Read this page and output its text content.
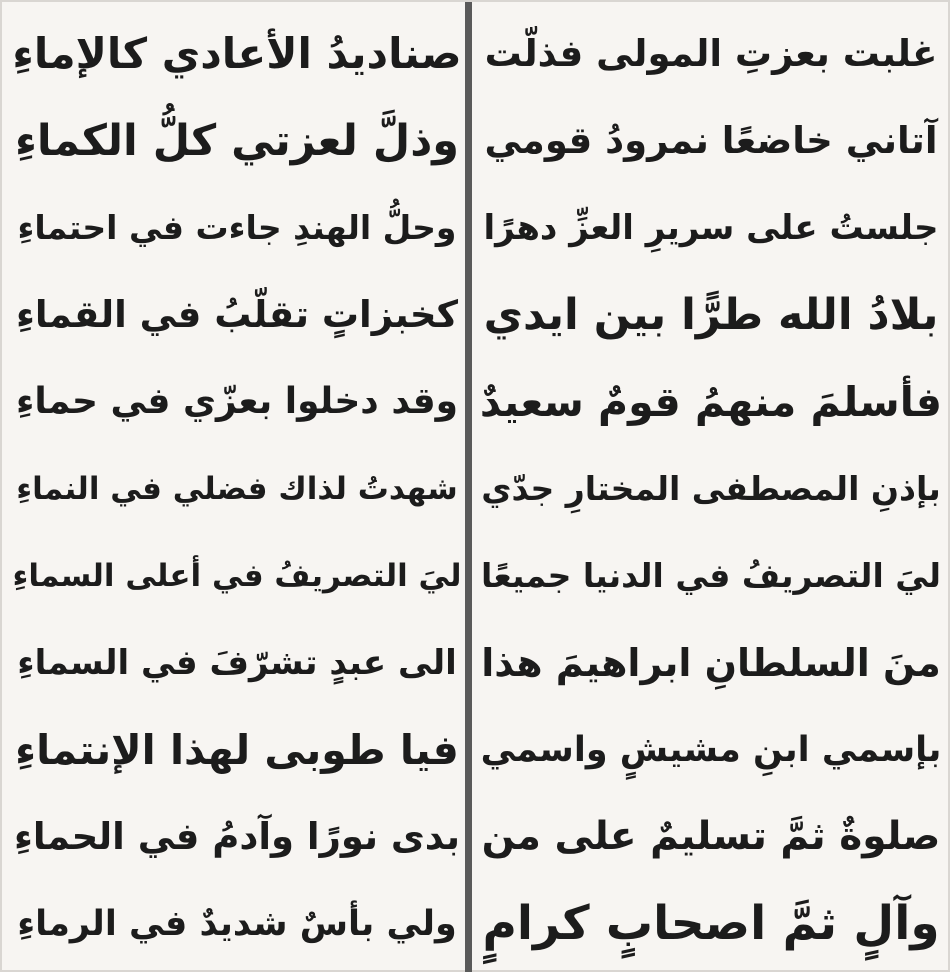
غلبت بعزتِ المولى فذلّت
آتاني خاضعًا نمرودُ قومي
جلستُ على سريرِ العزِّ دهرًا
بلادُ الله طرًّا بين ايدي
فأسلمَ منهمُ قومٌ سعيدٌ
بإذنِ المصطفى المختارِ جدّي
ليَ التصريفُ في الدنيا جميعًا
منَ السلطانِ ابراهيمَ هذا
بإسمي ابنِ مشيشٍ واسمي
صلوةٌ ثمَّ تسليمٌ على من
وآلٍ ثمَّ اصحابٍ كرامٍ
صناديدُ الأعادي كالإماءِ
وذلَّ لعزتي كلُّ الكماءِ
وحلُّ الهندِ جاءت في احتماءِ
كخبزاتٍ تقلّبُ في القماءِ
وقد دخلوا بعزّي في حماءِ
شهدتُ لذاك فضلي في النماءِ
ليَ التصريفُ في أعلى السماءِ
الى عبدٍ تشرّفَ في السماءِ
فيا طوبى لهذا الإنتماءِ
بدى نورًا وآدمُ في الحماءِ
ولي بأسٌ شديدٌ في الرماءِ
